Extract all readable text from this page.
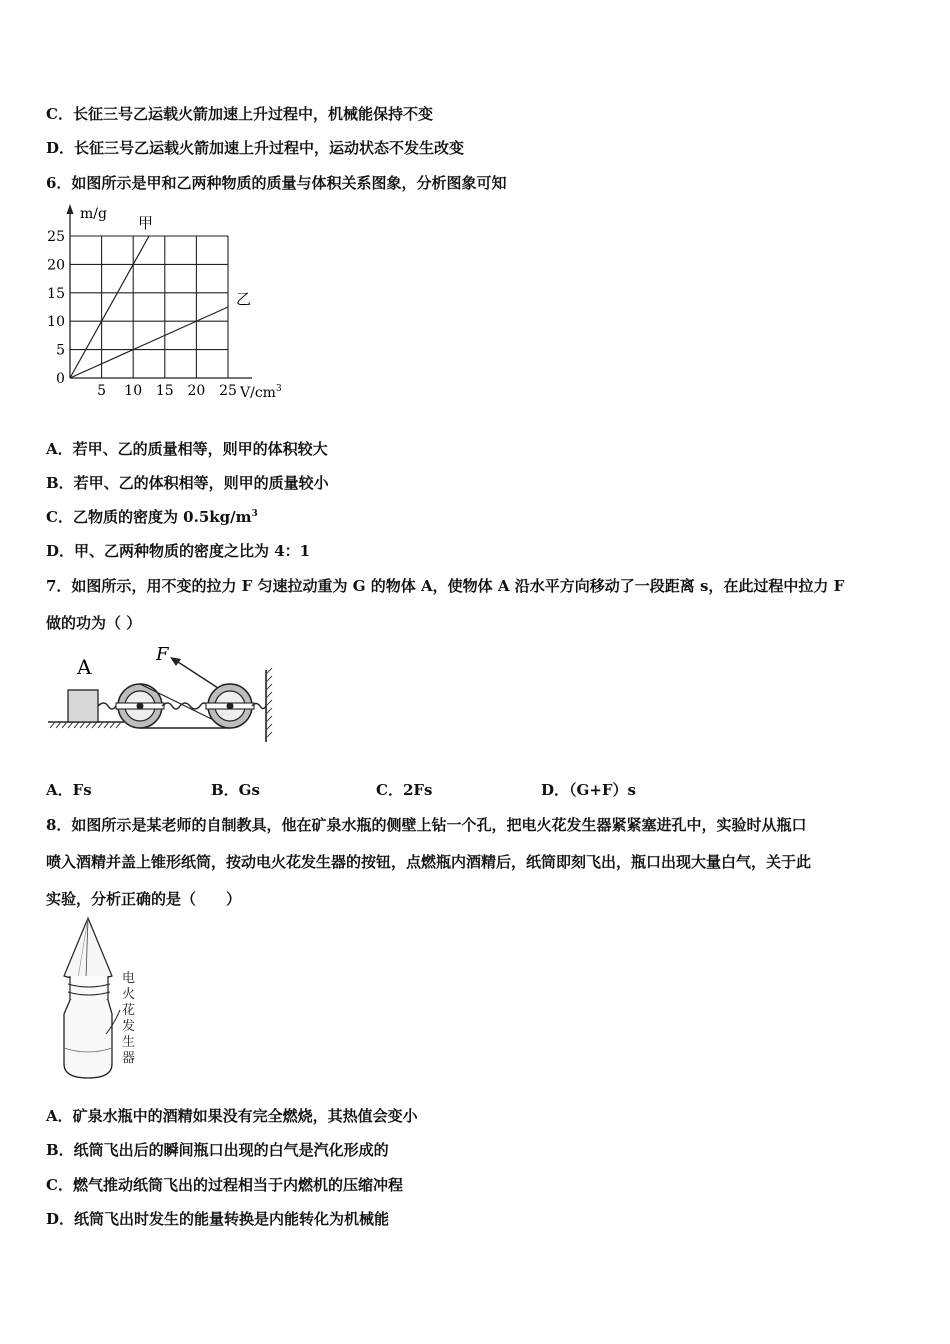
C．长征三号乙运载火箭加速上升过程中，机械能保持不变
D．长征三号乙运载火箭加速上升过程中，运动状态不发生改变
6．如图所示是甲和乙两种物质的质量与体积关系图象，分析图象可知
5 10 15 20 25
5
10
15
20
25
m/g
0
$V/cm^3$
甲
乙
A．若甲、乙的质量相等，则甲的体积较大
B．若甲、乙的体积相等，则甲的质量较小
C．乙物质的密度为 $0.5kg/m^3$
D．甲、乙两种物质的密度之比为 4：1
7．如图所示，用不变的拉力 F 匀速拉动重为 G 的物体 A，使物体 A 沿水平方向移动了一段距离 s，在此过程中拉力 F
做的功为（ ）
A
F
A．Fs	B．Gs	C．2Fs	D．（G+F）s
8．如图所示是某老师的自制教具，他在矿泉水瓶的侧壁上钻一个孔，把电火花发生器紧紧塞进孔中，实验时从瓶口
喷入酒精并盖上锥形纸筒，按动电火花发生器的按钮，点燃瓶内酒精后，纸筒即刻飞出，瓶口出现大量白气，关于此
实验，分析正确的是（　　）
电
火
花
发
生
器
A．矿泉水瓶中的酒精如果没有完全燃烧，其热值会变小
B．纸筒飞出后的瞬间瓶口出现的白气是汽化形成的
C．燃气推动纸筒飞出的过程相当于内燃机的压缩冲程
D．纸筒飞出时发生的能量转换是内能转化为机械能
